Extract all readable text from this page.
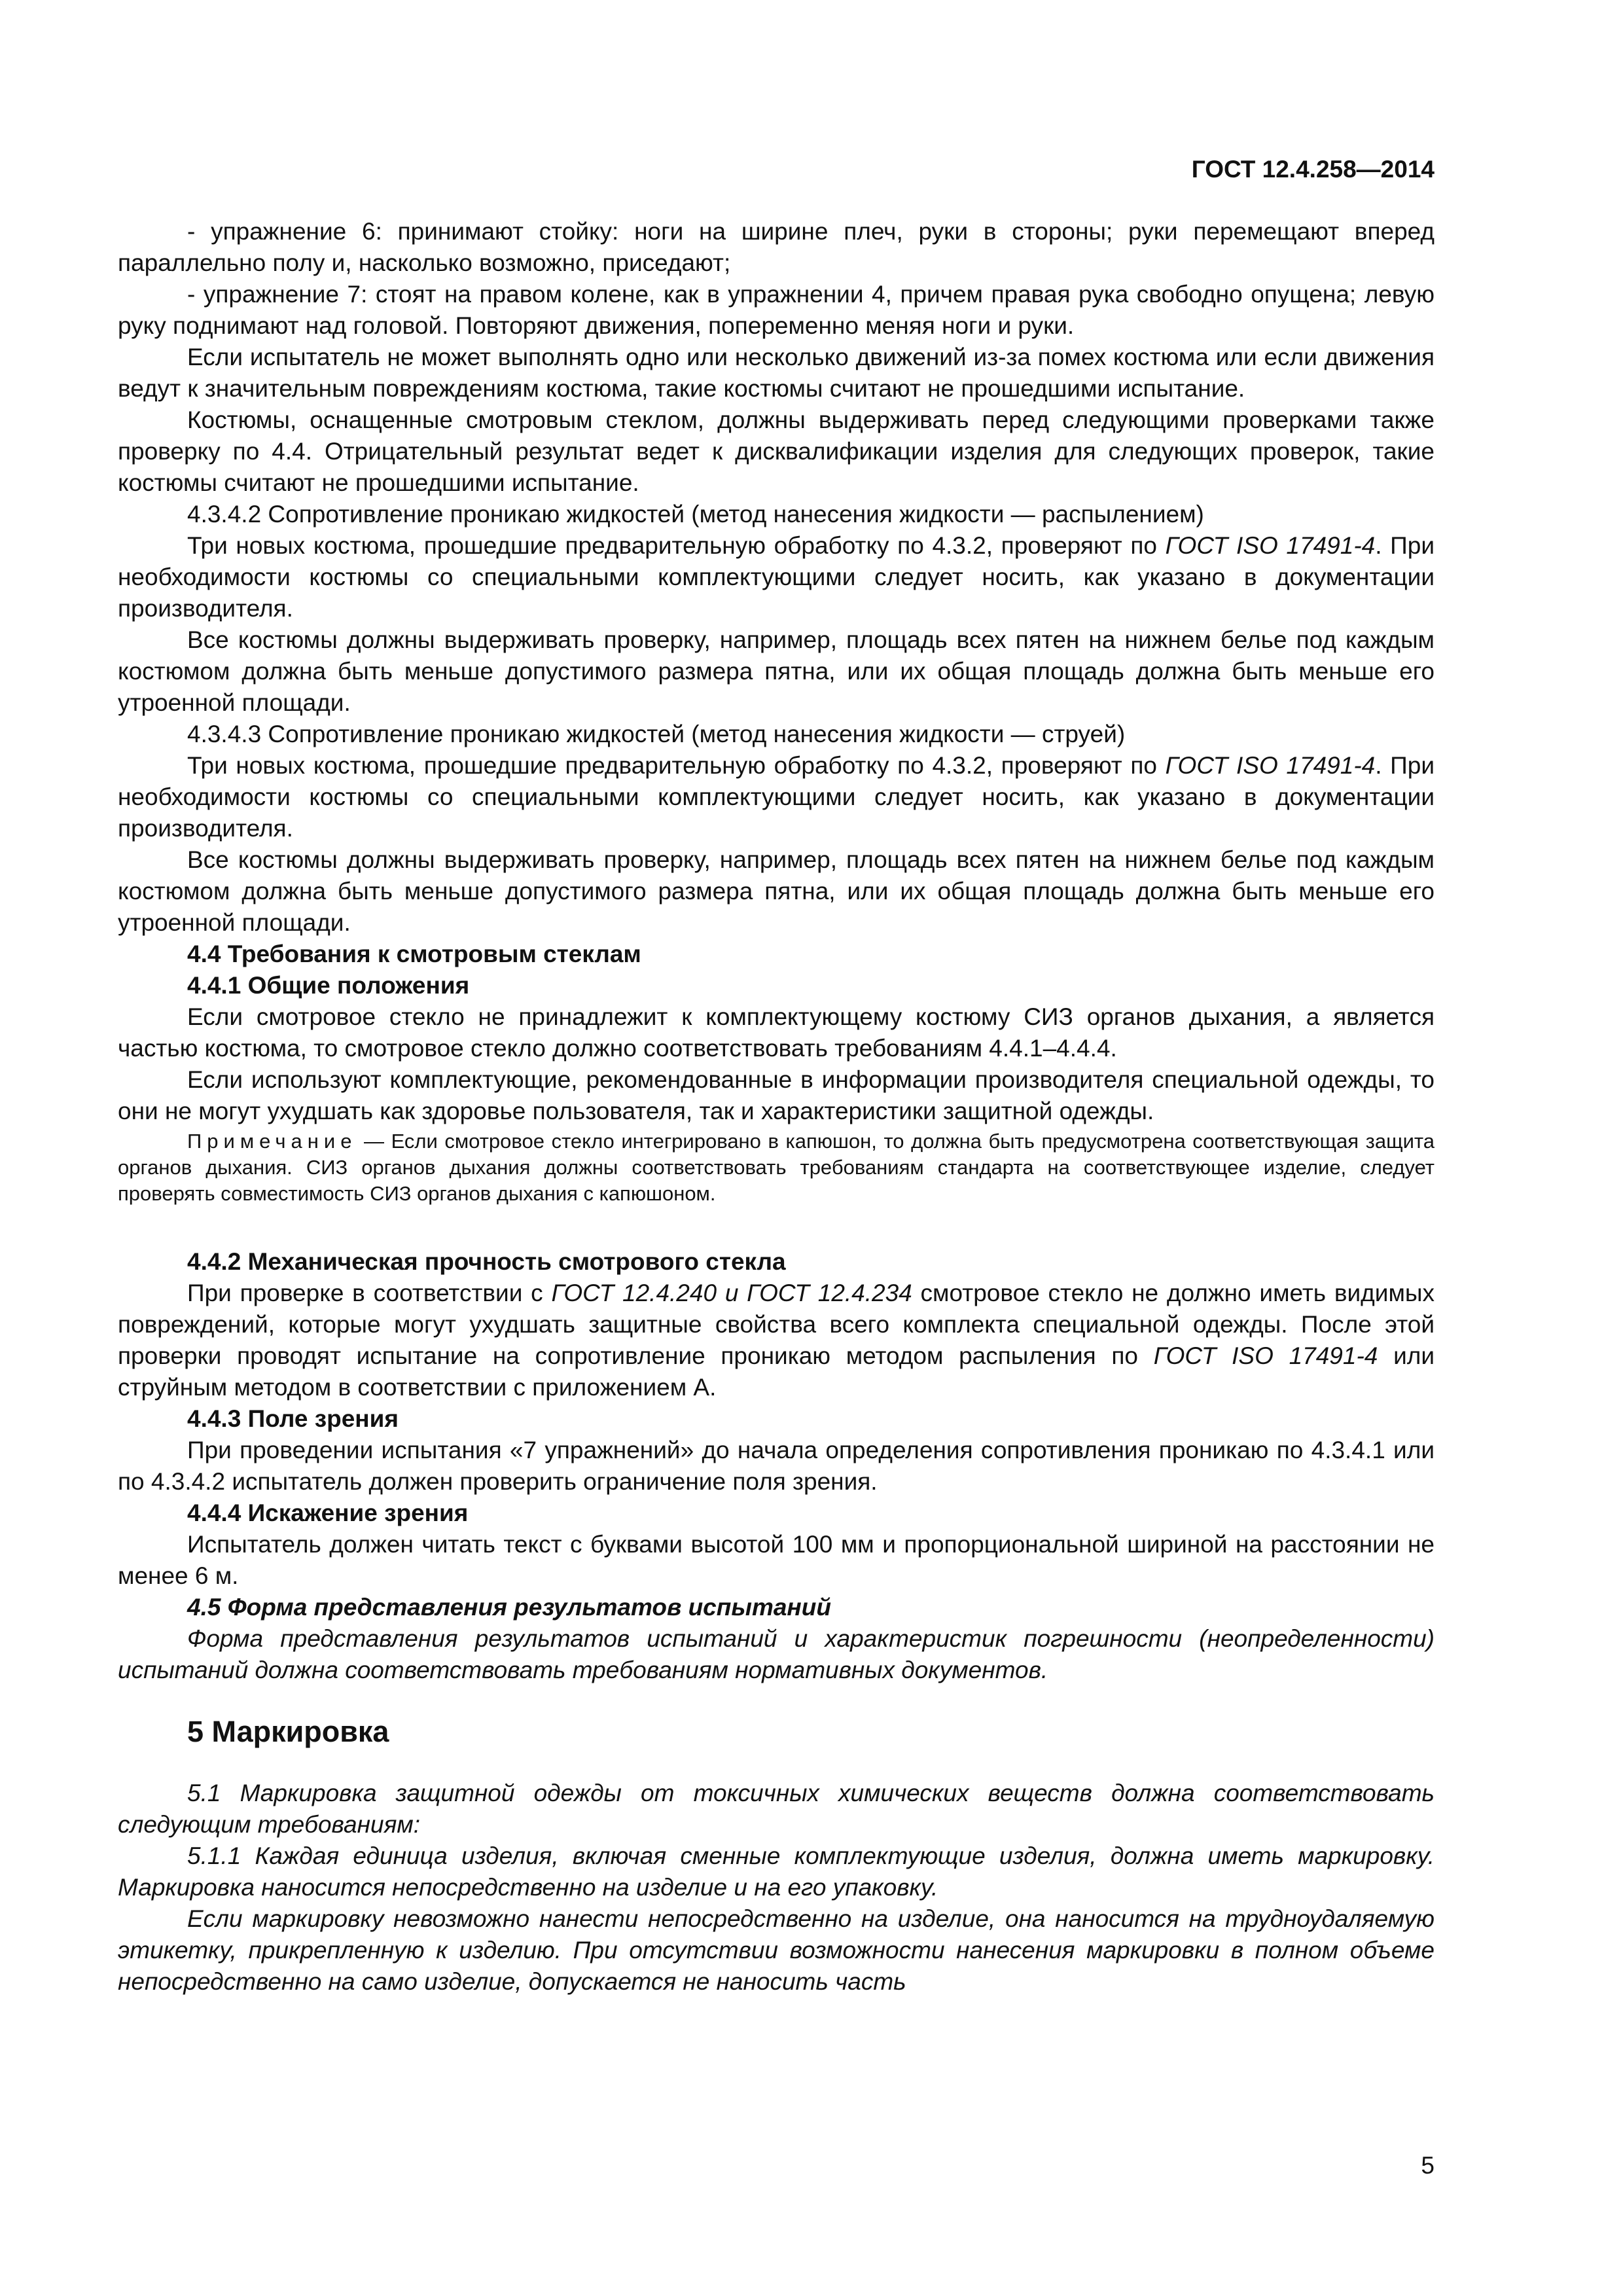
ГОСТ 12.4.258—2014

- упражнение 6: принимают стойку: ноги на ширине плеч, руки в стороны; руки перемещают вперед параллельно полу и, насколько возможно, приседают;

- упражнение 7: стоят на правом колене, как в упражнении 4, причем правая рука свободно опущена; левую руку поднимают над головой. Повторяют движения, попеременно меняя ноги и руки.

Если испытатель не может выполнять одно или несколько движений из-за помех костюма или если движения ведут к значительным повреждениям костюма, такие костюмы считают не прошедшими испытание.

Костюмы, оснащенные смотровым стеклом, должны выдерживать перед следующими проверками также проверку по 4.4. Отрицательный результат ведет к дисквалификации изделия для следующих проверок, такие костюмы считают не прошедшими испытание.

4.3.4.2 Сопротивление проникаю жидкостей (метод нанесения жидкости — распылением)

Три новых костюма, прошедшие предварительную обработку по 4.3.2, проверяют по ГОСТ ISO 17491-4. При необходимости костюмы со специальными комплектующими следует носить, как указано в документации производителя.

Все костюмы должны выдерживать проверку, например, площадь всех пятен на нижнем белье под каждым костюмом должна быть меньше допустимого размера пятна, или их общая площадь должна быть меньше его утроенной площади.

4.3.4.3 Сопротивление проникаю жидкостей (метод нанесения жидкости — струей)

Три новых костюма, прошедшие предварительную обработку по 4.3.2, проверяют по ГОСТ ISO 17491-4. При необходимости костюмы со специальными комплектующими следует носить, как указано в документации производителя.

Все костюмы должны выдерживать проверку, например, площадь всех пятен на нижнем белье под каждым костюмом должна быть меньше допустимого размера пятна, или их общая площадь должна быть меньше его утроенной площади.

4.4 Требования к смотровым стеклам

4.4.1 Общие положения

Если смотровое стекло не принадлежит к комплектующему костюму СИЗ органов дыхания, а является частью костюма, то смотровое стекло должно соответствовать требованиям 4.4.1–4.4.4.

Если используют комплектующие, рекомендованные в информации производителя специальной одежды, то они не могут ухудшать как здоровье пользователя, так и характеристики защитной одежды.

Примечание — Если смотровое стекло интегрировано в капюшон, то должна быть предусмотрена соответствующая защита органов дыхания. СИЗ органов дыхания должны соответствовать требованиям стандарта на соответствующее изделие, следует проверять совместимость СИЗ органов дыхания с капюшоном.

4.4.2 Механическая прочность смотрового стекла

При проверке в соответствии с ГОСТ 12.4.240 и ГОСТ 12.4.234 смотровое стекло не должно иметь видимых повреждений, которые могут ухудшать защитные свойства всего комплекта специальной одежды. После этой проверки проводят испытание на сопротивление проникаю методом распыления по ГОСТ ISO 17491-4 или струйным методом в соответствии с приложением А.

4.4.3 Поле зрения

При проведении испытания «7 упражнений» до начала определения сопротивления проникаю по 4.3.4.1 или по 4.3.4.2 испытатель должен проверить ограничение поля зрения.

4.4.4 Искажение зрения

Испытатель должен читать текст с буквами высотой 100 мм и пропорциональной шириной на расстоянии не менее 6 м.

4.5 Форма представления результатов испытаний

Форма представления результатов испытаний и характеристик погрешности (неопределенности) испытаний должна соответствовать требованиям нормативных документов.

5 Маркировка

5.1 Маркировка защитной одежды от токсичных химических веществ должна соответствовать следующим требованиям:

5.1.1 Каждая единица изделия, включая сменные комплектующие изделия, должна иметь маркировку. Маркировка наносится непосредственно на изделие и на его упаковку.

Если маркировку невозможно нанести непосредственно на изделие, она наносится на трудноудаляемую этикетку, прикрепленную к изделию. При отсутствии возможности нанесения маркировки в полном объеме непосредственно на само изделие, допускается не наносить часть

5
